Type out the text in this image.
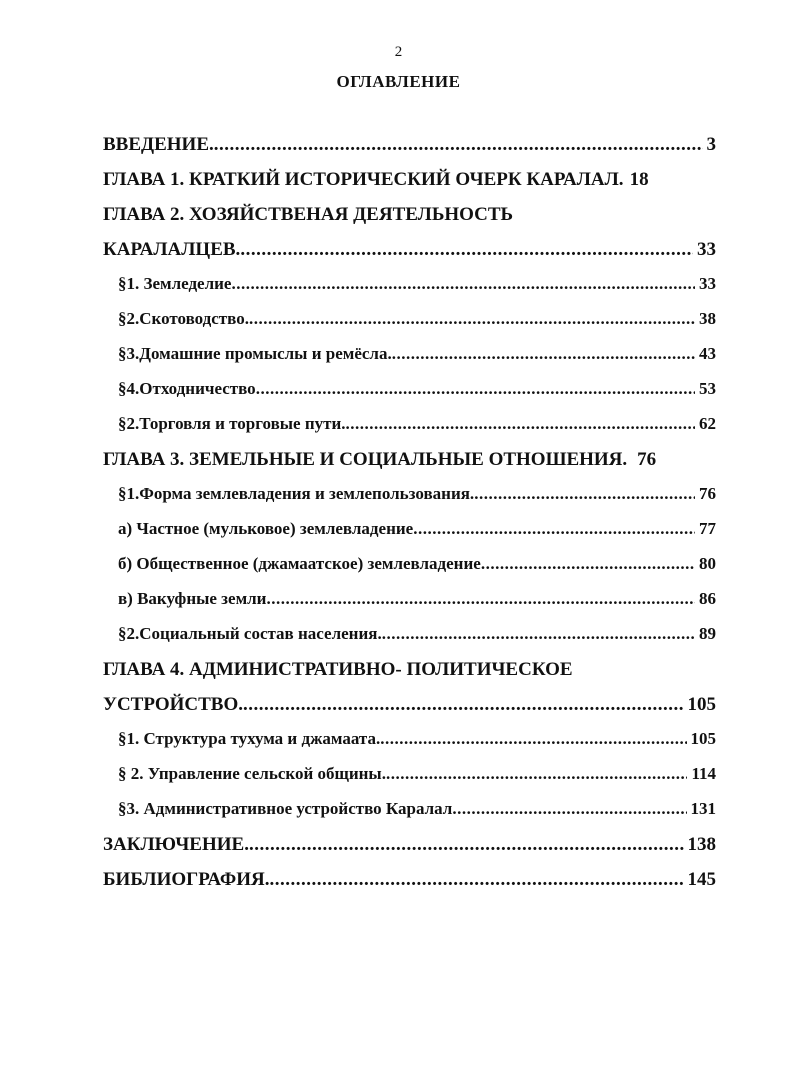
2
ОГЛАВЛЕНИЕ
ВВЕДЕНИЕ. .....	3
ГЛАВА 1. КРАТКИЙ ИСТОРИЧЕСКИЙ ОЧЕРК КАРАЛАЛ. 18
ГЛАВА 2. ХОЗЯЙСТВЕНАЯ ДЕЯТЕЛЬНОСТЬ
КАРАЛАЛЦЕВ. .....	33
§1. Земледелие .....	33
§2.Скотоводство. .....	38
§3.Домашние промыслы и ремёсла. .....	43
§4.Отходничество .....	53
§2.Торговля и торговые пути. .....	62
ГЛАВА 3. ЗЕМЕЛЬНЫЕ И СОЦИАЛЬНЫЕ ОТНОШЕНИЯ. 76
§1.Форма землевладения и землепользования. .....	76
а) Частное (мульковое) землевладение .....	77
б) Общественное (джамаатское) землевладение .....	80
в) Вакуфные земли .....	86
§2.Социальный состав населения. .....	89
ГЛАВА 4. АДМИНИСТРАТИВНО- ПОЛИТИЧЕСКОЕ
УСТРОЙСТВО. .....	105
§1. Структура тухума и джамаата. .....	105
§ 2. Управление сельской общины. .....	114
§3. Административное устройство Каралал .....	131
ЗАКЛЮЧЕНИЕ. .....	138
БИБЛИОГРАФИЯ. .....	145
